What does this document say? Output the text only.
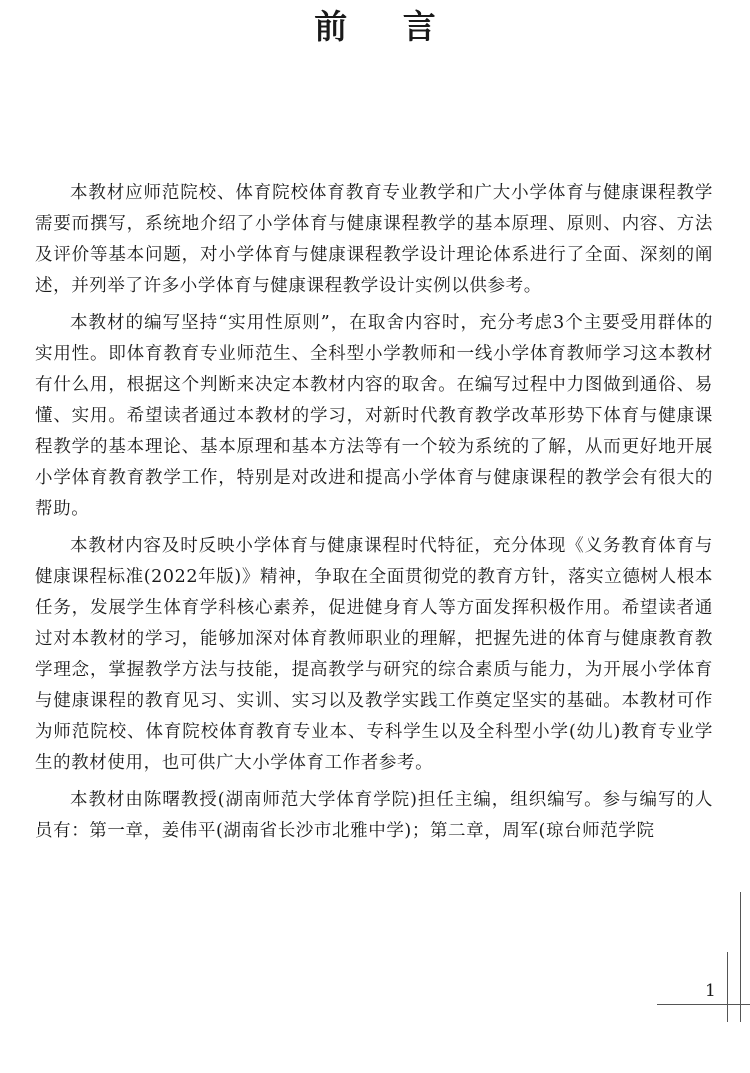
前 言

本教材应师范院校、体育院校体育教育专业教学和广大小学体育与健康课程教学需要而撰写，系统地介绍了小学体育与健康课程教学的基本原理、原则、内容、方法及评价等基本问题，对小学体育与健康课程教学设计理论体系进行了全面、深刻的阐述，并列举了许多小学体育与健康课程教学设计实例以供参考。

本教材的编写坚持“实用性原则”，在取舍内容时，充分考虑3个主要受用群体的实用性。即体育教育专业师范生、全科型小学教师和一线小学体育教师学习这本教材有什么用，根据这个判断来决定本教材内容的取舍。在编写过程中力图做到通俗、易懂、实用。希望读者通过本教材的学习，对新时代教育教学改革形势下体育与健康课程教学的基本理论、基本原理和基本方法等有一个较为系统的了解，从而更好地开展小学体育教育教学工作，特别是对改进和提高小学体育与健康课程的教学会有很大的帮助。

本教材内容及时反映小学体育与健康课程时代特征，充分体现《义务教育体育与健康课程标准(2022年版)》精神，争取在全面贯彻党的教育方针，落实立德树人根本任务，发展学生体育学科核心素养，促进健身育人等方面发挥积极作用。希望读者通过对本教材的学习，能够加深对体育教师职业的理解，把握先进的体育与健康教育教学理念，掌握教学方法与技能，提高教学与研究的综合素质与能力，为开展小学体育与健康课程的教育见习、实训、实习以及教学实践工作奠定坚实的基础。本教材可作为师范院校、体育院校体育教育专业本、专科学生以及全科型小学(幼儿)教育专业学生的教材使用，也可供广大小学体育工作者参考。

本教材由陈曙教授(湖南师范大学体育学院)担任主编，组织编写。参与编写的人员有：第一章，姜伟平(湖南省长沙市北雅中学)；第二章，周军(琼台师范学院

1
